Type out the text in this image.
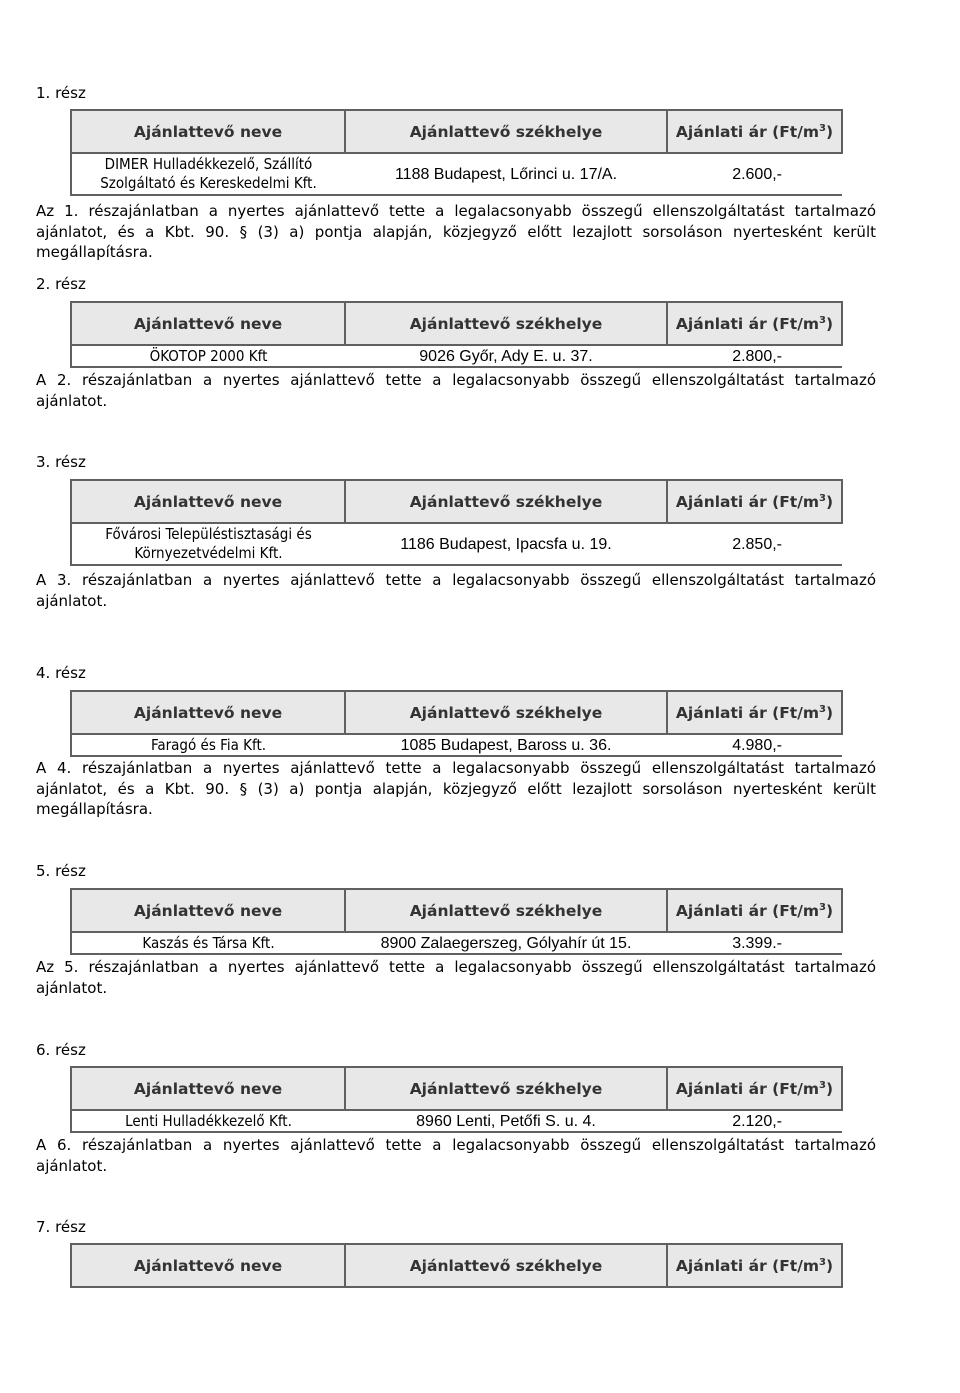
1. rész
Ajánlattevő neve	Ajánlattevő székhelye	Ajánlati ár $(Ft/m^3)$
DIMER Hulladékkezelő, Szállító Szolgáltató és Kereskedelmi Kft.	1188 Budapest, Lőrinci u. 17/A.	2.600,-

Az 1. részajánlatban a nyertes ajánlattevő tette a legalacsonyabb összegű ellenszolgáltatást tartalmazó ajánlatot, és a Kbt. 90. § (3) a) pontja alapján, közjegyző előtt lezajlott sorsoláson nyertesként került megállapításra.

2. rész
Ajánlattevő neve	Ajánlattevő székhelye	Ajánlati ár $(Ft/m^3)$
ÖKOTOP 2000 Kft	9026 Győr, Ady E. u. 37.	2.800,-

A 2. részajánlatban a nyertes ajánlattevő tette a legalacsonyabb összegű ellenszolgáltatást tartalmazó ajánlatot.

3. rész
Ajánlattevő neve	Ajánlattevő székhelye	Ajánlati ár $(Ft/m^3)$
Fővárosi Településtisztasági és Környezetvédelmi Kft.	1186 Budapest, Ipacsfa u. 19.	2.850,-

A 3. részajánlatban a nyertes ajánlattevő tette a legalacsonyabb összegű ellenszolgáltatást tartalmazó ajánlatot.

4. rész
Ajánlattevő neve	Ajánlattevő székhelye	Ajánlati ár $(Ft/m^3)$
Faragó és Fia Kft.	1085 Budapest, Baross u. 36.	4.980,-

A 4. részajánlatban a nyertes ajánlattevő tette a legalacsonyabb összegű ellenszolgáltatást tartalmazó ajánlatot, és a Kbt. 90. § (3) a) pontja alapján, közjegyző előtt lezajlott sorsoláson nyertesként került megállapításra.

5. rész
Ajánlattevő neve	Ajánlattevő székhelye	Ajánlati ár $(Ft/m^3)$
Kaszás és Társa Kft.	8900 Zalaegerszeg, Gólyahír út 15.	3.399.-

Az 5. részajánlatban a nyertes ajánlattevő tette a legalacsonyabb összegű ellenszolgáltatást tartalmazó ajánlatot.

6. rész
Ajánlattevő neve	Ajánlattevő székhelye	Ajánlati ár $(Ft/m^3)$
Lenti Hulladékkezelő Kft.	8960 Lenti, Petőfi S. u. 4.	2.120,-

A 6. részajánlatban a nyertes ajánlattevő tette a legalacsonyabb összegű ellenszolgáltatást tartalmazó ajánlatot.

7. rész
Ajánlattevő neve	Ajánlattevő székhelye	Ajánlati ár $(Ft/m^3)$
